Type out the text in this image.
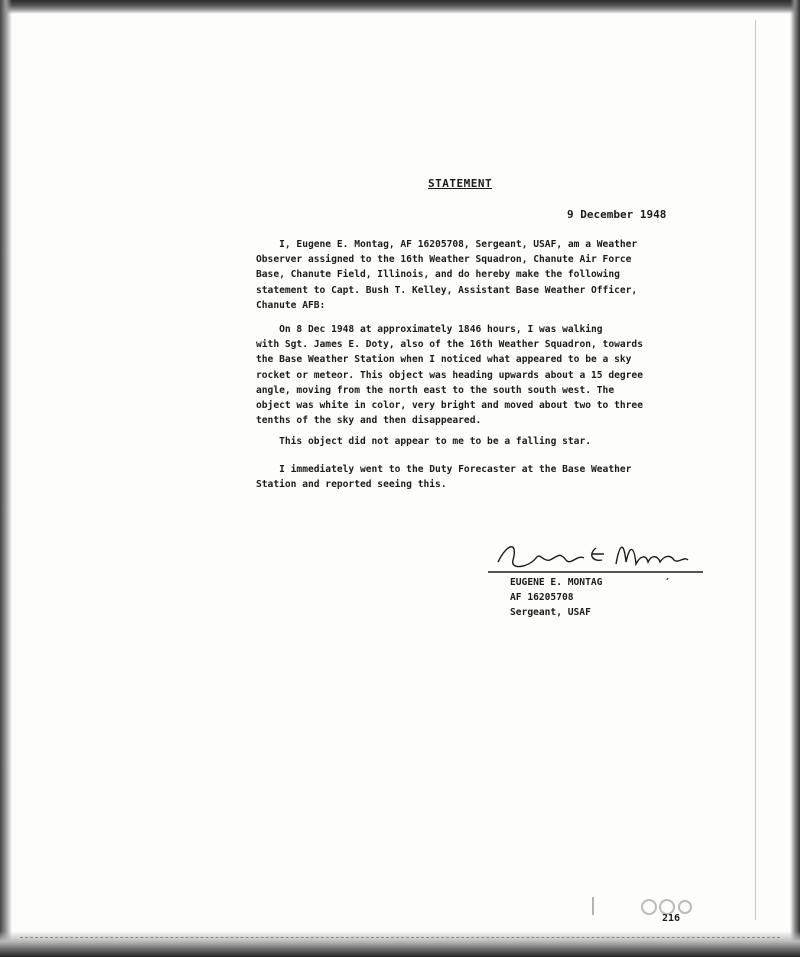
STATEMENT
9 December 1948
I, Eugene E. Montag, AF 16205708, Sergeant, USAF, am a Weather
Observer assigned to the 16th Weather Squadron, Chanute Air Force
Base, Chanute Field, Illinois, and do hereby make the following
statement to Capt. Bush T. Kelley, Assistant Base Weather Officer,
Chanute AFB:
On 8 Dec 1948 at approximately 1846 hours, I was walking
with Sgt. James E. Doty, also of the 16th Weather Squadron, towards
the Base Weather Station when I noticed what appeared to be a sky
rocket or meteor. This object was heading upwards about a 15 degree
angle, moving from the north east to the south south west. The
object was white in color, very bright and moved about two to three
tenths of the sky and then disappeared.
This object did not appear to me to be a falling star.
I immediately went to the Duty Forecaster at the Base Weather
Station and reported seeing this.
EUGENE E. MONTAG
AF 16205708
Sergeant, USAF
216
